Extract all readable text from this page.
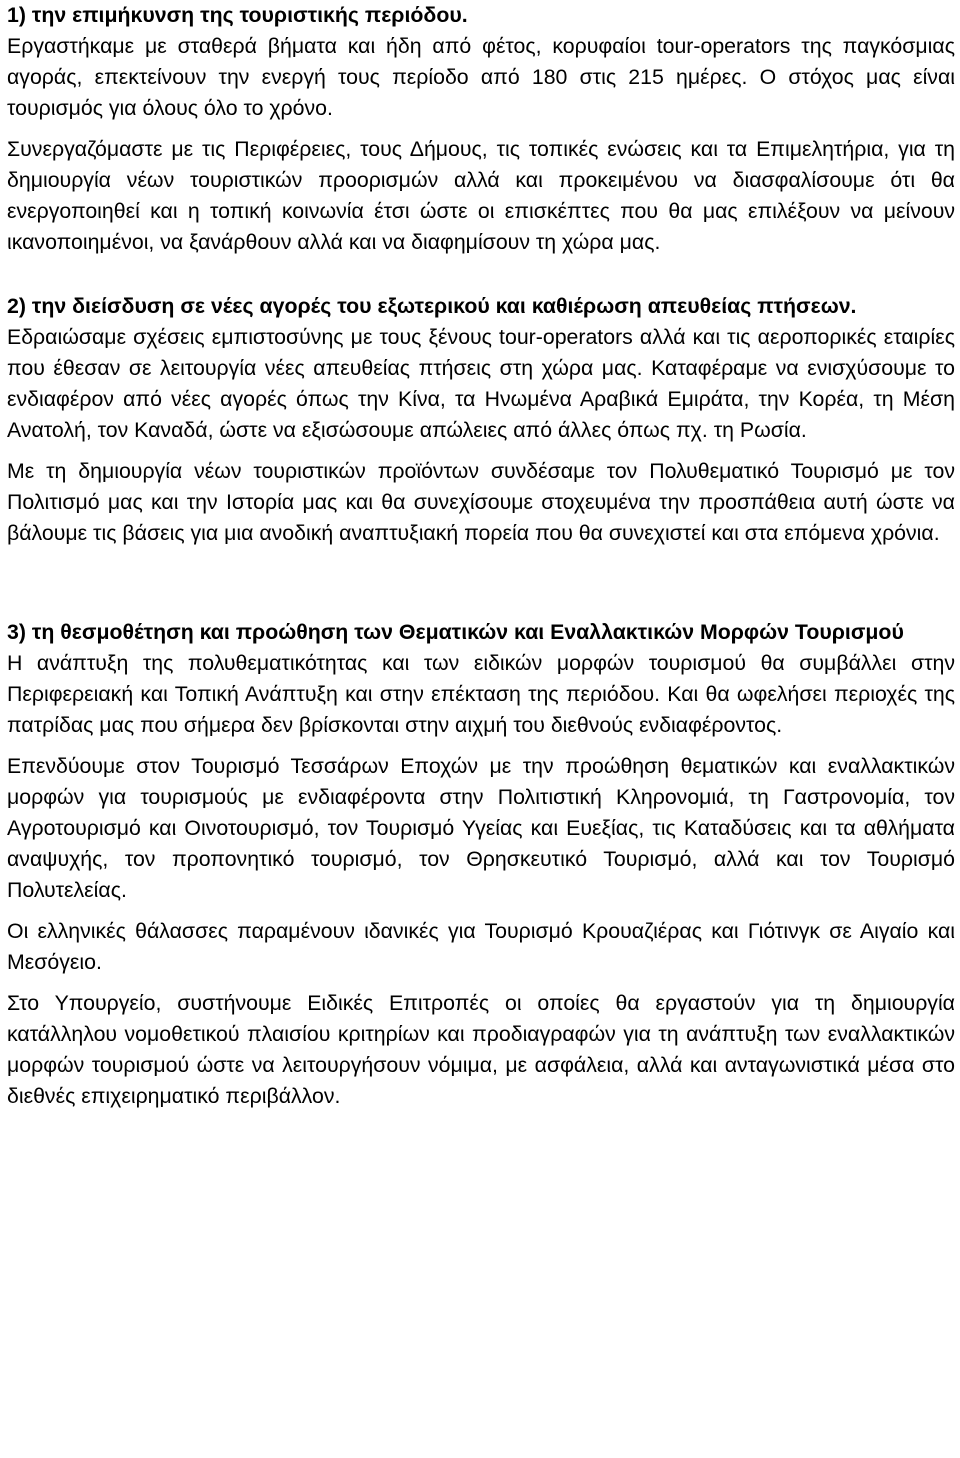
1) την επιμήκυνση της τουριστικής περιόδου.
Εργαστήκαμε με σταθερά βήματα και ήδη από φέτος, κορυφαίοι tour-operators της παγκόσμιας αγοράς, επεκτείνουν την ενεργή τους περίοδο από 180 στις 215 ημέρες. Ο στόχος μας είναι τουρισμός για όλους όλο το χρόνο.
Συνεργαζόμαστε με τις Περιφέρειες, τους Δήμους, τις τοπικές ενώσεις και τα Επιμελητήρια, για τη δημιουργία νέων τουριστικών προορισμών αλλά και προκειμένου να διασφαλίσουμε ότι θα ενεργοποιηθεί και η τοπική κοινωνία έτσι ώστε οι επισκέπτες που θα μας επιλέξουν να μείνουν ικανοποιημένοι, να ξανάρθουν αλλά και να διαφημίσουν τη χώρα μας.
2) την διείσδυση σε νέες αγορές του εξωτερικού και καθιέρωση απευθείας πτήσεων.
Εδραιώσαμε σχέσεις εμπιστοσύνης με τους ξένους tour-operators αλλά και τις αεροπορικές εταιρίες που έθεσαν σε λειτουργία νέες απευθείας πτήσεις στη χώρα μας. Καταφέραμε να ενισχύσουμε το ενδιαφέρον από νέες αγορές όπως την Κίνα, τα Ηνωμένα Αραβικά Εμιράτα, την Κορέα, τη Μέση Ανατολή, τον Καναδά, ώστε να εξισώσουμε απώλειες από άλλες όπως πχ. τη Ρωσία.
Με τη δημιουργία νέων τουριστικών προϊόντων συνδέσαμε τον Πολυθεματικό Τουρισμό με τον Πολιτισμό μας και την Ιστορία μας και θα συνεχίσουμε στοχευμένα την προσπάθεια αυτή ώστε να βάλουμε τις βάσεις για μια ανοδική αναπτυξιακή πορεία που θα συνεχιστεί και στα επόμενα χρόνια.
3) τη θεσμοθέτηση και προώθηση των Θεματικών και Εναλλακτικών Μορφών Τουρισμού
Η ανάπτυξη της πολυθεματικότητας και των ειδικών μορφών τουρισμού θα συμβάλλει στην Περιφερειακή και Τοπική Ανάπτυξη και στην επέκταση της περιόδου. Και θα ωφελήσει περιοχές της πατρίδας μας που σήμερα δεν βρίσκονται στην αιχμή του διεθνούς ενδιαφέροντος.
Επενδύουμε στον Τουρισμό Τεσσάρων Εποχών με την προώθηση θεματικών και εναλλακτικών μορφών για τουρισμούς με ενδιαφέροντα στην Πολιτιστική Κληρονομιά, τη Γαστρονομία, τον Αγροτουρισμό και Οινοτουρισμό, τον Τουρισμό Υγείας και Ευεξίας, τις Καταδύσεις και τα αθλήματα αναψυχής, τον προπονητικό τουρισμό, τον Θρησκευτικό Τουρισμό, αλλά και τον Τουρισμό Πολυτελείας.
Οι ελληνικές θάλασσες παραμένουν ιδανικές για Τουρισμό Κρουαζιέρας και Γιότινγκ σε Αιγαίο και Μεσόγειο.
Στο Υπουργείο, συστήνουμε Ειδικές Επιτροπές οι οποίες θα εργαστούν για τη δημιουργία κατάλληλου νομοθετικού πλαισίου κριτηρίων και προδιαγραφών για τη ανάπτυξη των εναλλακτικών μορφών τουρισμού ώστε να λειτουργήσουν νόμιμα, με ασφάλεια, αλλά και ανταγωνιστικά μέσα στο διεθνές επιχειρηματικό περιβάλλον.
